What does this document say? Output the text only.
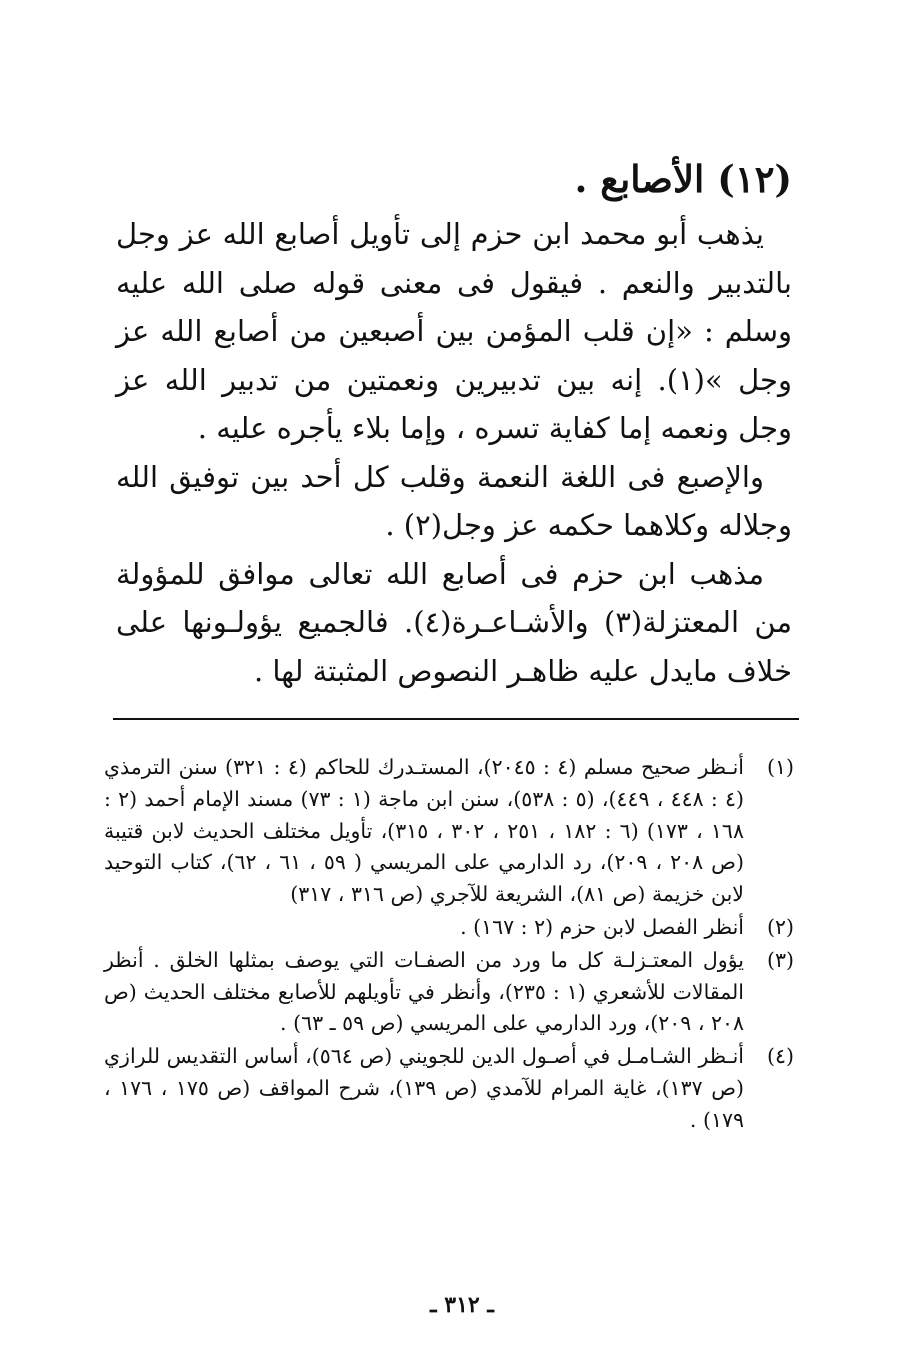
(١٢) الأصابع .

يذهب أبو محمد ابن حزم إلى تأويل أصابع الله عز وجل بالتدبير والنعم . فيقول فى معنى قوله صلى الله عليه وسلم : «إن قلب المؤمن بين أصبعين من أصابع الله عز وجل »(١). إنه بين تدبيرين ونعمتين من تدبير الله عز وجل ونعمه إما كفاية تسره ، وإما بلاء يأجره عليه .

والإصبع فى اللغة النعمة وقلب كل أحد بين توفيق الله وجلاله وكلاهما حكمه عز وجل(٢) .

مذهب ابن حزم فى أصابع الله تعالى موافق للمؤولة من المعتزلة(٣) والأشـاعـرة(٤). فالجميع يؤولـونها على خلاف مايدل عليه ظاهـر النصوص المثبتة لها .

(١)
أنـظر صحيح مسلم (٤ : ٢٠٤٥)، المستـدرك للحاكم (٤ : ٣٢١) سنن الترمذي (٤ : ٤٤٨ ، ٤٤٩)، (٥ : ٥٣٨)، سنن ابن ماجة (١ : ٧٣) مسند الإمام أحمد (٢ : ١٦٨ ، ١٧٣) (٦ : ١٨٢ ، ٢٥١ ، ٣٠٢ ، ٣١٥)، تأويل مختلف الحديث لابن قتيبة (ص ٢٠٨ ، ٢٠٩)، رد الدارمي على المريسي ( ٥٩ ، ٦١ ، ٦٢)، كتاب التوحيد لابن خزيمة (ص ٨١)، الشريعة للآجري (ص ٣١٦ ، ٣١٧)
(٢)
أنظر الفصل لابن حزم (٢ : ١٦٧) .
(٣)
يؤول المعتـزلـة كل ما ورد من الصفـات التي يوصف بمثلها الخلق . أنظر المقالات للأشعري (١ : ٢٣٥)، وأنظر في تأويلهم للأصابع مختلف الحديث (ص ٢٠٨ ، ٢٠٩)، ورد الدارمي على المريسي (ص ٥٩ ـ ٦٣) .
(٤)
أنـظر الشـامـل في أصـول الدين للجويني (ص ٥٦٤)، أساس التقديس للرازي (ص ١٣٧)، غاية المرام للآمدي (ص ١٣٩)، شرح المواقف (ص ١٧٥ ، ١٧٦ ، ١٧٩) .
ـ ٣١٢ ـ
